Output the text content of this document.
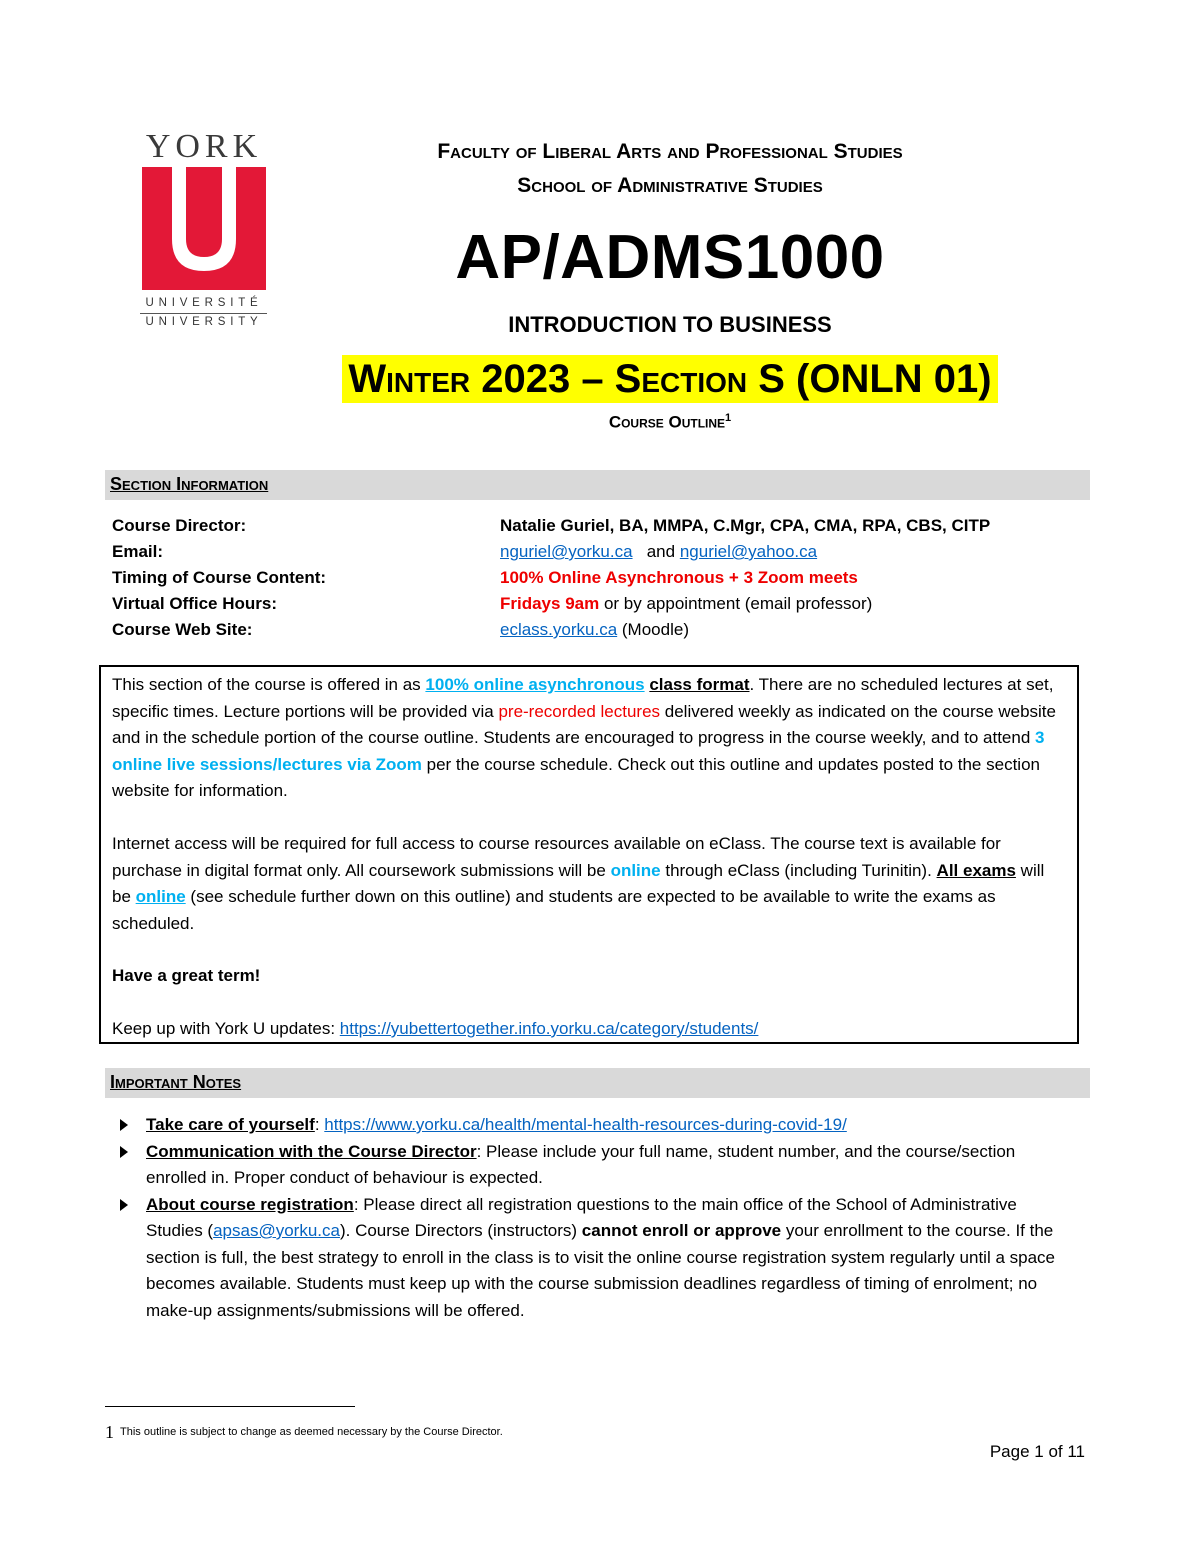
YORK
UNIVERSITÉ
UNIVERSITY
Faculty of Liberal Arts and Professional Studies
School of Administrative Studies
AP/ADMS1000
INTRODUCTION TO BUSINESS
Winter 2023 – Section S (ONLN 01)
Course Outline$^1$
Section Information
Course Director:	Natalie Guriel, BA, MMPA, C.Mgr, CPA, CMA, RPA, CBS, CITP
Email:	nguriel@yorku.ca and nguriel@yahoo.ca
Timing of Course Content:	100% Online Asynchronous + 3 Zoom meets
Virtual Office Hours:	Fridays 9am or by appointment (email professor)
Course Web Site:	eclass.yorku.ca (Moodle)
This section of the course is offered in as 100% online asynchronous class format. There are no scheduled lectures at set, specific times. Lecture portions will be provided via pre-recorded lectures delivered weekly as indicated on the course website and in the schedule portion of the course outline. Students are encouraged to progress in the course weekly, and to attend 3 online live sessions/lectures via Zoom per the course schedule. Check out this outline and updates posted to the section website for information.
Internet access will be required for full access to course resources available on eClass. The course text is available for purchase in digital format only. All coursework submissions will be online through eClass (including Turinitin). All exams will be online (see schedule further down on this outline) and students are expected to be available to write the exams as scheduled.
Have a great term!
Keep up with York U updates: https://yubettertogether.info.yorku.ca/category/students/
Important Notes

Take care of yourself: https://www.yorku.ca/health/mental-health-resources-during-covid-19/

Communication with the Course Director: Please include your full name, student number, and the course/section enrolled in. Proper conduct of behaviour is expected.

About course registration: Please direct all registration questions to the main office of the School of Administrative Studies (apsas@yorku.ca). Course Directors (instructors) cannot enroll or approve your enrollment to the course. If the section is full, the best strategy to enroll in the class is to visit the online course registration system regularly until a space becomes available. Students must keep up with the course submission deadlines regardless of timing of enrolment; no make-up assignments/submissions will be offered.

1 This outline is subject to change as deemed necessary by the Course Director.
Page 1 of 11
